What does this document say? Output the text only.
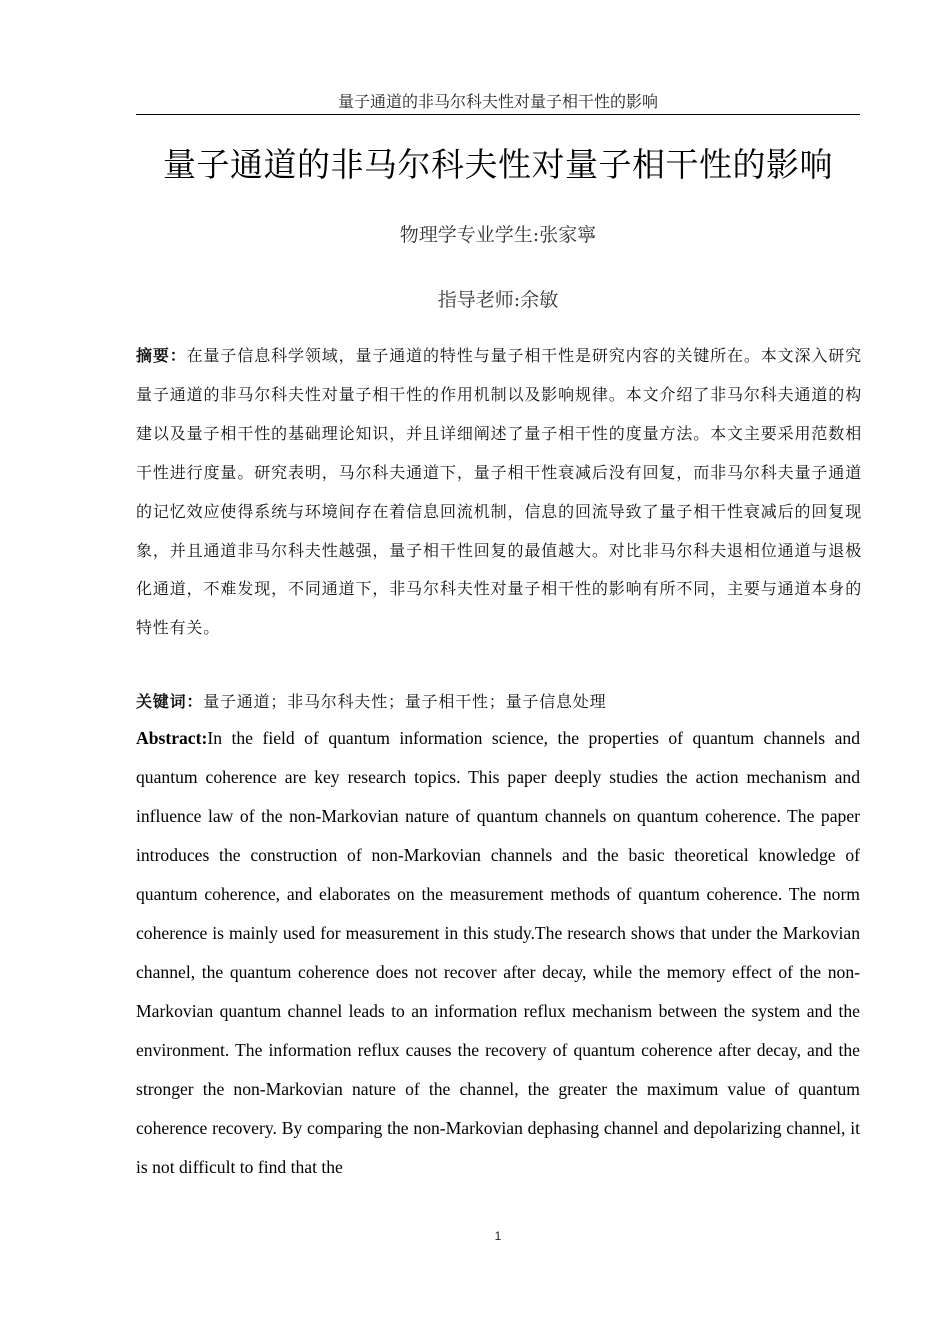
量子通道的非马尔科夫性对量子相干性的影响
量子通道的非马尔科夫性对量子相干性的影响
物理学专业学生:张家寧
指导老师:余敏

摘要：在量子信息科学领域，量子通道的特性与量子相干性是研究内容的关键所在。本文深入研究量子通道的非马尔科夫性对量子相干性的作用机制以及影响规律。本文介绍了非马尔科夫通道的构建以及量子相干性的基础理论知识，并且详细阐述了量子相干性的度量方法。本文主要采用范数相干性进行度量。研究表明，马尔科夫通道下，量子相干性衰减后没有回复，而非马尔科夫量子通道的记忆效应使得系统与环境间存在着信息回流机制，信息的回流导致了量子相干性衰减后的回复现象，并且通道非马尔科夫性越强，量子相干性回复的最值越大。对比非马尔科夫退相位通道与退极化通道，不难发现，不同通道下，非马尔科夫性对量子相干性的影响有所不同，主要与通道本身的特性有关。

关键词：量子通道；非马尔科夫性；量子相干性；量子信息处理

Abstract:In the field of quantum information science, the properties of quantum channels and quantum coherence are key research topics. This paper deeply studies the action mechanism and influence law of the non-Markovian nature of quantum channels on quantum coherence. The paper introduces the construction of non-Markovian channels and the basic theoretical knowledge of quantum coherence, and elaborates on the measurement methods of quantum coherence. The norm coherence is mainly used for measurement in this study.The research shows that under the Markovian channel, the quantum coherence does not recover after decay, while the memory effect of the non-Markovian quantum channel leads to an information reflux mechanism between the system and the environment. The information reflux causes the recovery of quantum coherence after decay, and the stronger the non-Markovian nature of the channel, the greater the maximum value of quantum coherence recovery. By comparing the non-Markovian dephasing channel and depolarizing channel, it is not difficult to find that the

1
